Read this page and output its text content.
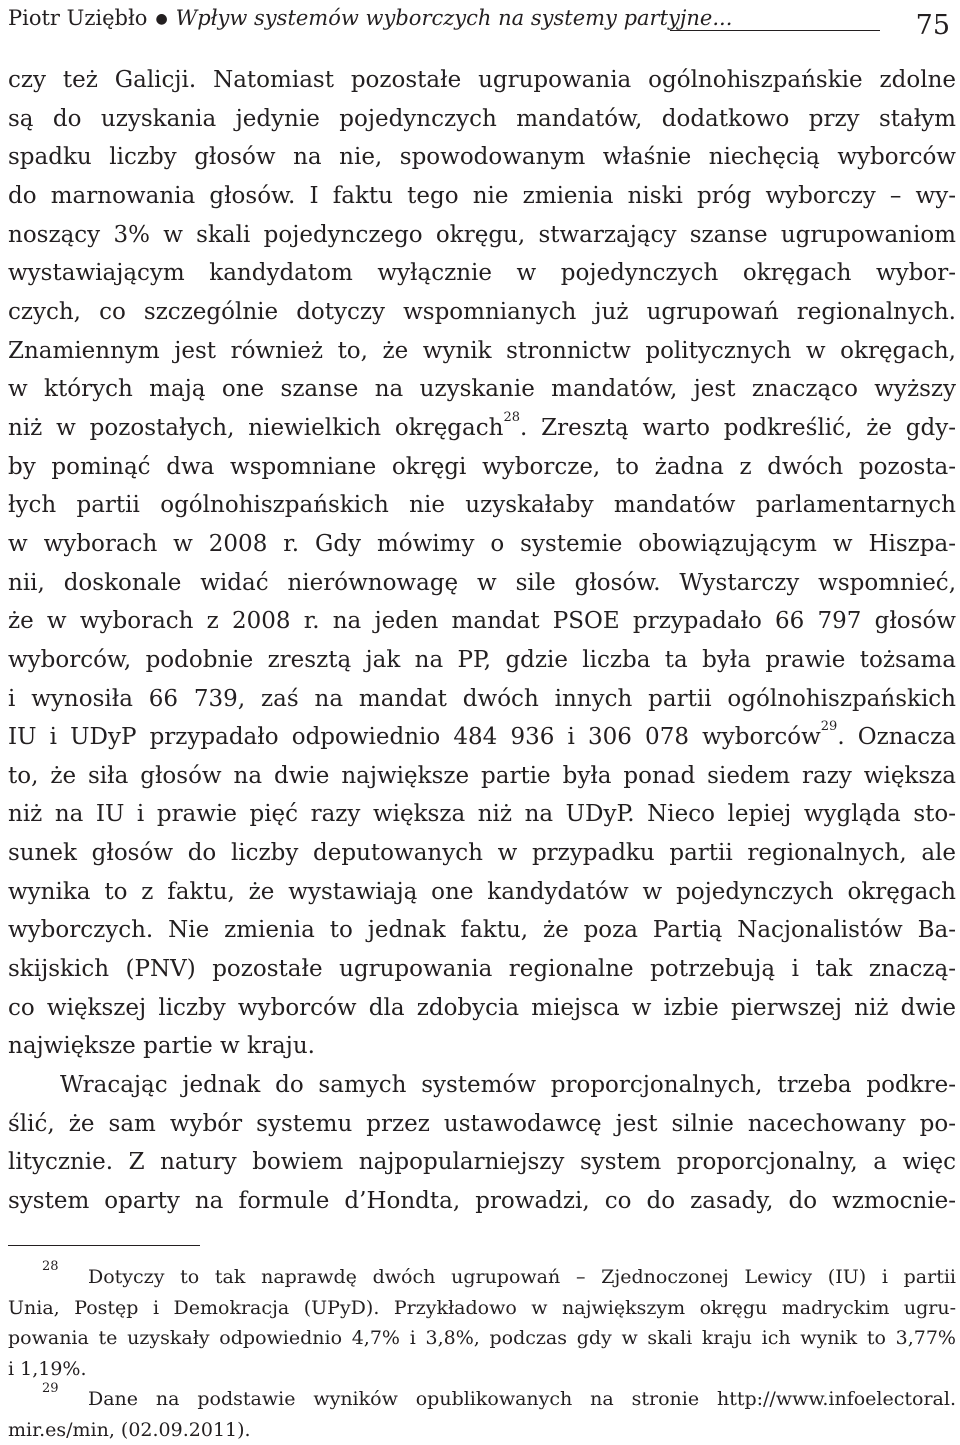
Piotr Uziębło ● Wpływ systemów wyborczych na systemy partyjne...	75
czy też Galicji. Natomiast pozostałe ugrupowania ogólnohiszpańskie zdolne
są do uzyskania jedynie pojedynczych mandatów, dodatkowo przy stałym
spadku liczby głosów na nie, spowodowanym właśnie niechęcią wyborców
do marnowania głosów. I faktu tego nie zmienia niski próg wyborczy – wy-
noszący 3% w skali pojedynczego okręgu, stwarzający szanse ugrupowaniom
wystawiającym kandydatom wyłącznie w pojedynczych okręgach wybor-
czych, co szczególnie dotyczy wspomnianych już ugrupowań regionalnych.
Znamiennym jest również to, że wynik stronnictw politycznych w okręgach,
w których mają one szanse na uzyskanie mandatów, jest znacząco wyższy
niż w pozostałych, niewielkich okręgach$^{28}$. Zresztą warto podkreślić, że gdy-
by pominąć dwa wspomniane okręgi wyborcze, to żadna z dwóch pozosta-
łych partii ogólnohiszpańskich nie uzyskałaby mandatów parlamentarnych
w wyborach w 2008 r. Gdy mówimy o systemie obowiązującym w Hiszpa-
nii, doskonale widać nierównowagę w sile głosów. Wystarczy wspomnieć,
że w wyborach z 2008 r. na jeden mandat PSOE przypadało 66 797 głosów
wyborców, podobnie zresztą jak na PP, gdzie liczba ta była prawie tożsama
i wynosiła 66 739, zaś na mandat dwóch innych partii ogólnohiszpańskich
IU i UDyP przypadało odpowiednio 484 936 i 306 078 wyborców$^{29}$. Oznacza
to, że siła głosów na dwie największe partie była ponad siedem razy większa
niż na IU i prawie pięć razy większa niż na UDyP. Nieco lepiej wygląda sto-
sunek głosów do liczby deputowanych w przypadku partii regionalnych, ale
wynika to z faktu, że wystawiają one kandydatów w pojedynczych okręgach
wyborczych. Nie zmienia to jednak faktu, że poza Partią Nacjonalistów Ba-
skijskich (PNV) pozostałe ugrupowania regionalne potrzebują i tak znaczą-
co większej liczby wyborców dla zdobycia miejsca w izbie pierwszej niż dwie
największe partie w kraju.
Wracając jednak do samych systemów proporcjonalnych, trzeba podkre-
ślić, że sam wybór systemu przez ustawodawcę jest silnie nacechowany po-
litycznie. Z natury bowiem najpopularniejszy system proporcjonalny, a więc
system oparty na formule d’Hondta, prowadzi, co do zasady, do wzmocnie-
$^{28}$ Dotyczy to tak naprawdę dwóch ugrupowań – Zjednoczonej Lewicy (IU) i partii
Unia, Postęp i Demokracja (UPyD). Przykładowo w największym okręgu madryckim ugru-
powania te uzyskały odpowiednio 4,7% i 3,8%, podczas gdy w skali kraju ich wynik to 3,77%
i 1,19%.
$^{29}$ Dane na podstawie wyników opublikowanych na stronie http://www.infoelectoral.
mir.es/min, (02.09.2011).
